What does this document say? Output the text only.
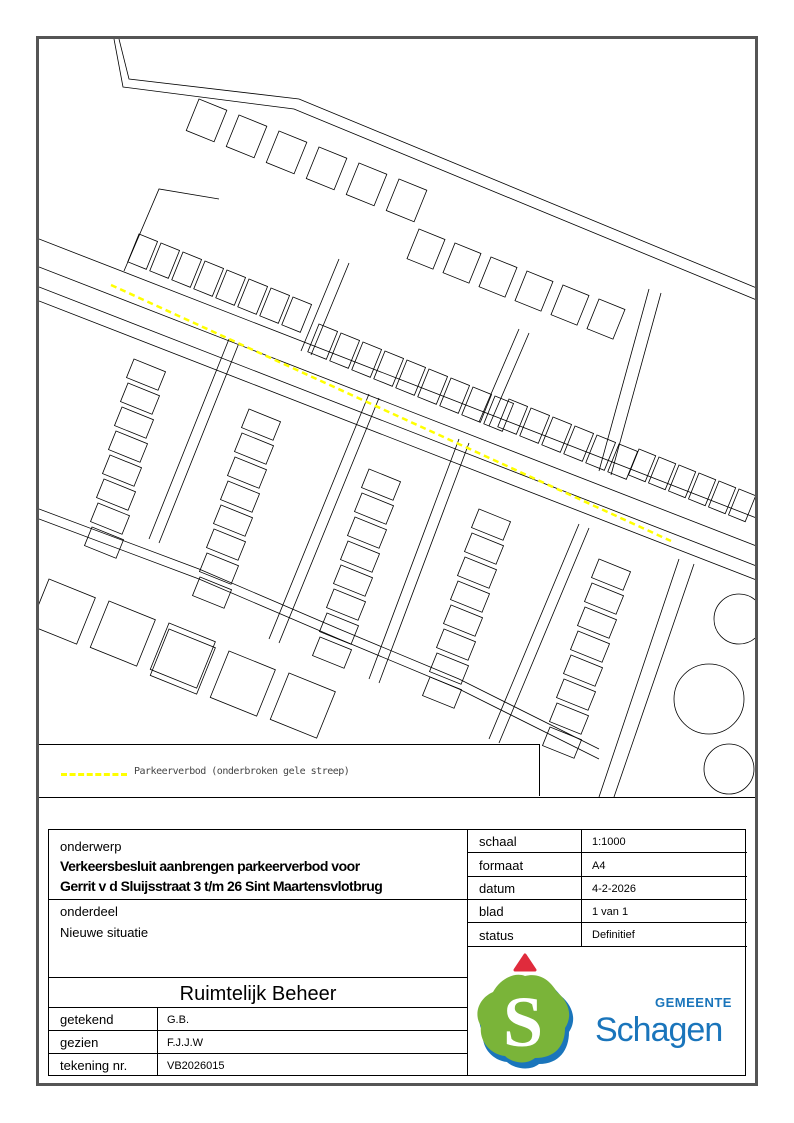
Parkeerverbod (onderbroken gele streep)
onderwerp
Verkeersbesluit aanbrengen parkeerverbod voor
Gerrit v d Sluijsstraat 3 t/m 26 Sint Maartensvlotbrug
onderdeel
Nieuwe situatie
Ruimtelijk Beheer
getekend	G.B.
gezien	F.J.J.W
tekening nr.	VB2026015
schaal	1:1000
formaat	A4
datum	4-2-2026
blad	1 van 1
status	Definitief
S	GEMEENTE
Schagen
